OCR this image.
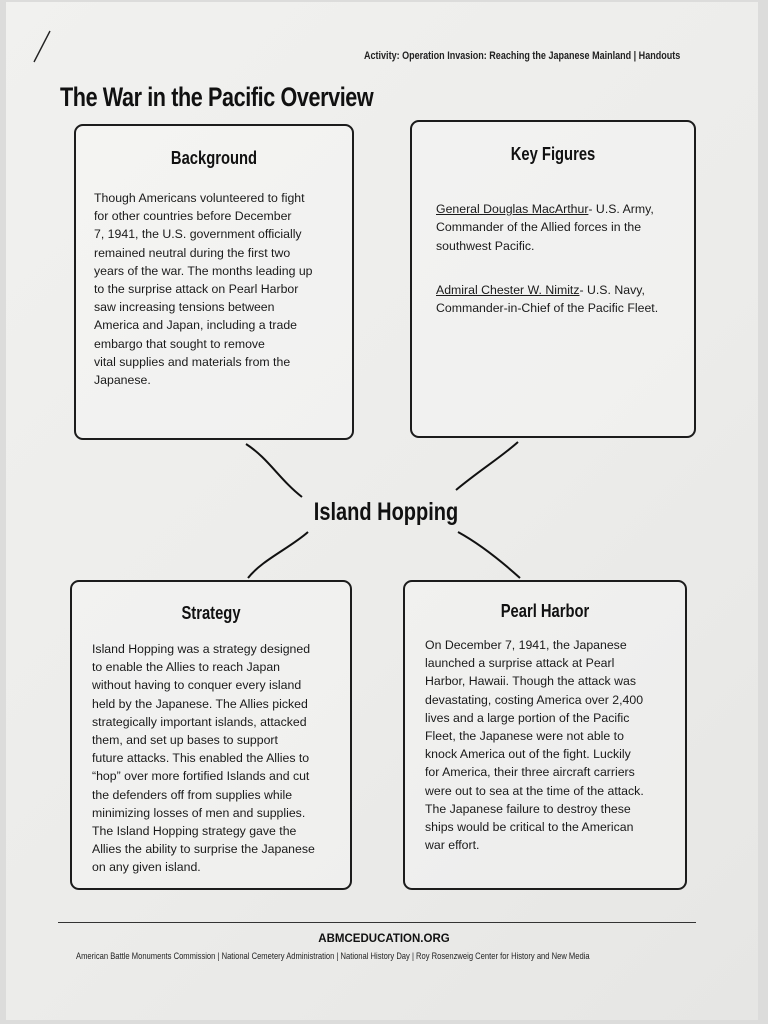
Activity: Operation Invasion: Reaching the Japanese Mainland | Handouts
The War in the Pacific Overview
Background

Though Americans volunteered to fight
for other countries before December
7, 1941, the U.S. government officially
remained neutral during the first two
years of the war. The months leading up
to the surprise attack on Pearl Harbor
saw increasing tensions between
America and Japan, including a trade
embargo that sought to remove
vital supplies and materials from the
Japanese.

Key Figures

General Douglas MacArthur- U.S. Army,
Commander of the Allied forces in the
southwest Pacific.

Admiral Chester W. Nimitz- U.S. Navy,
Commander-in-Chief of the Pacific Fleet.

Island Hopping
Strategy

Island Hopping was a strategy designed
to enable the Allies to reach Japan
without having to conquer every island
held by the Japanese. The Allies picked
strategically important islands, attacked
them, and set up bases to support
future attacks. This enabled the Allies to
“hop” over more fortified Islands and cut
the defenders off from supplies while
minimizing losses of men and supplies.
The Island Hopping strategy gave the
Allies the ability to surprise the Japanese
on any given island.

Pearl Harbor

On December 7, 1941, the Japanese
launched a surprise attack at Pearl
Harbor, Hawaii. Though the attack was
devastating, costing America over 2,400
lives and a large portion of the Pacific
Fleet, the Japanese were not able to
knock America out of the fight. Luckily
for America, their three aircraft carriers
were out to sea at the time of the attack.
The Japanese failure to destroy these
ships would be critical to the American
war effort.

ABMCEDUCATION.ORG
American Battle Monuments Commission | National Cemetery Administration | National History Day | Roy Rosenzweig Center for History and New Media
